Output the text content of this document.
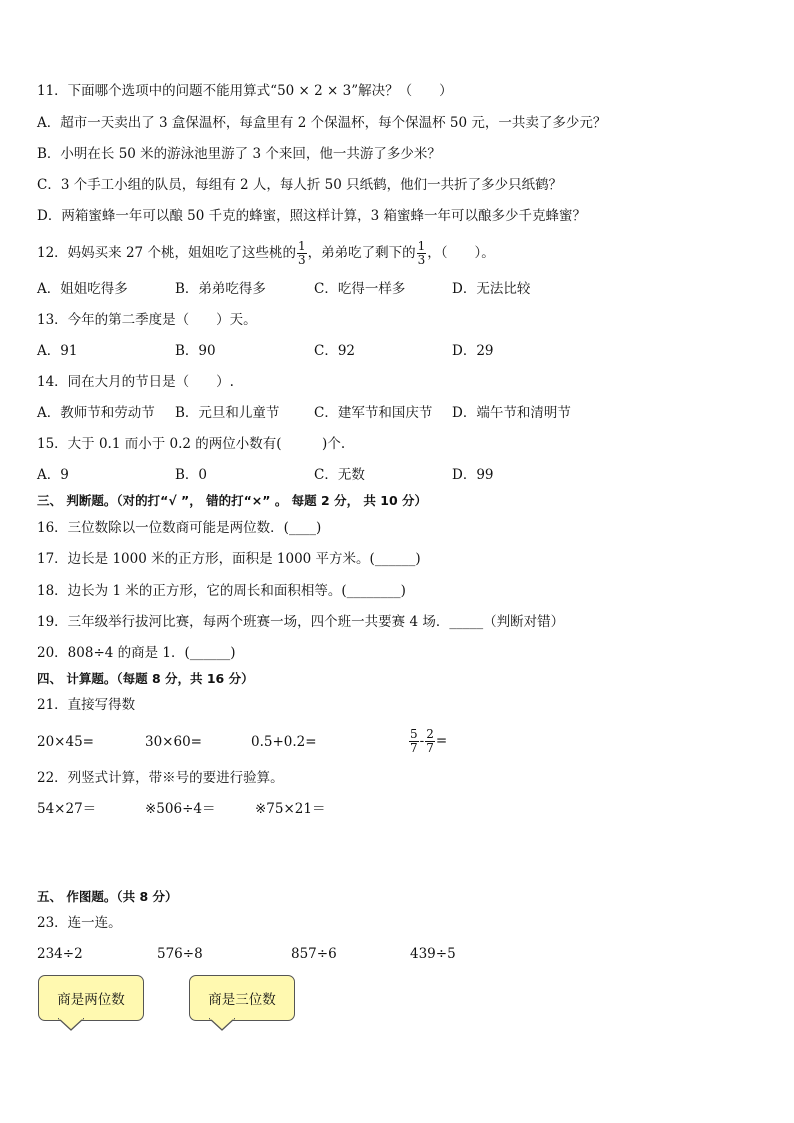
11．下面哪个选项中的问题不能用算式“50 × 2 × 3”解决？（　　）
A．超市一天卖出了 3 盒保温杯，每盒里有 2 个保温杯，每个保温杯 50 元，一共卖了多少元？
B．小明在长 50 米的游泳池里游了 3 个来回，他一共游了多少米？
C．3 个手工小组的队员，每组有 2 人，每人折 50 只纸鹤，他们一共折了多少只纸鹤？
D．两箱蜜蜂一年可以酿 50 千克的蜂蜜，照这样计算，3 箱蜜蜂一年可以酿多少千克蜂蜜？
12．妈妈买来 27 个桃，姐姐吃了这些桃的 $\frac{1}{3}$ ，弟弟吃了剩下的 $\frac{1}{3}$ ，（　　）。
A．姐姐吃得多	B．弟弟吃得多	C．吃得一样多	D．无法比较
13．今年的第二季度是（　　）天。
A．91	B．90	C．92	D．29
14．同在大月的节日是（　　）.
A．教师节和劳动节 B．元旦和儿童节	C．建军节和国庆节 D．端午节和清明节
15．大于 0.1 而小于 0.2 的两位小数有(　　　)个.
A．9	B．0	C．无数	D．99
三、 判断题。（对的打“√ ”， 错的打“×” 。 每题 2 分， 共 10 分）
16．三位数除以一位数商可能是两位数．(____)
17．边长是 1000 米的正方形，面积是 1000 平方米。(______)
18．边长为 1 米的正方形，它的周长和面积相等。(________)
19．三年级举行拔河比赛，每两个班赛一场，四个班一共要赛 4 场．_____（判断对错）
20．808÷4 的商是 1．(______)
四、 计算题。（每题 8 分，共 16 分）
21．直接写得数
20×45=	30×60=	0.5+0.2=	$\frac{5}{7} - \frac{2}{7}$ =
22．列竖式计算，带※号的要进行验算。
54×27＝	※506÷4＝	※75×21＝
五、 作图题。（共 8 分）
23．连一连。
234÷2	576÷8	857÷6	439÷5
商是两位数	商是三位数
